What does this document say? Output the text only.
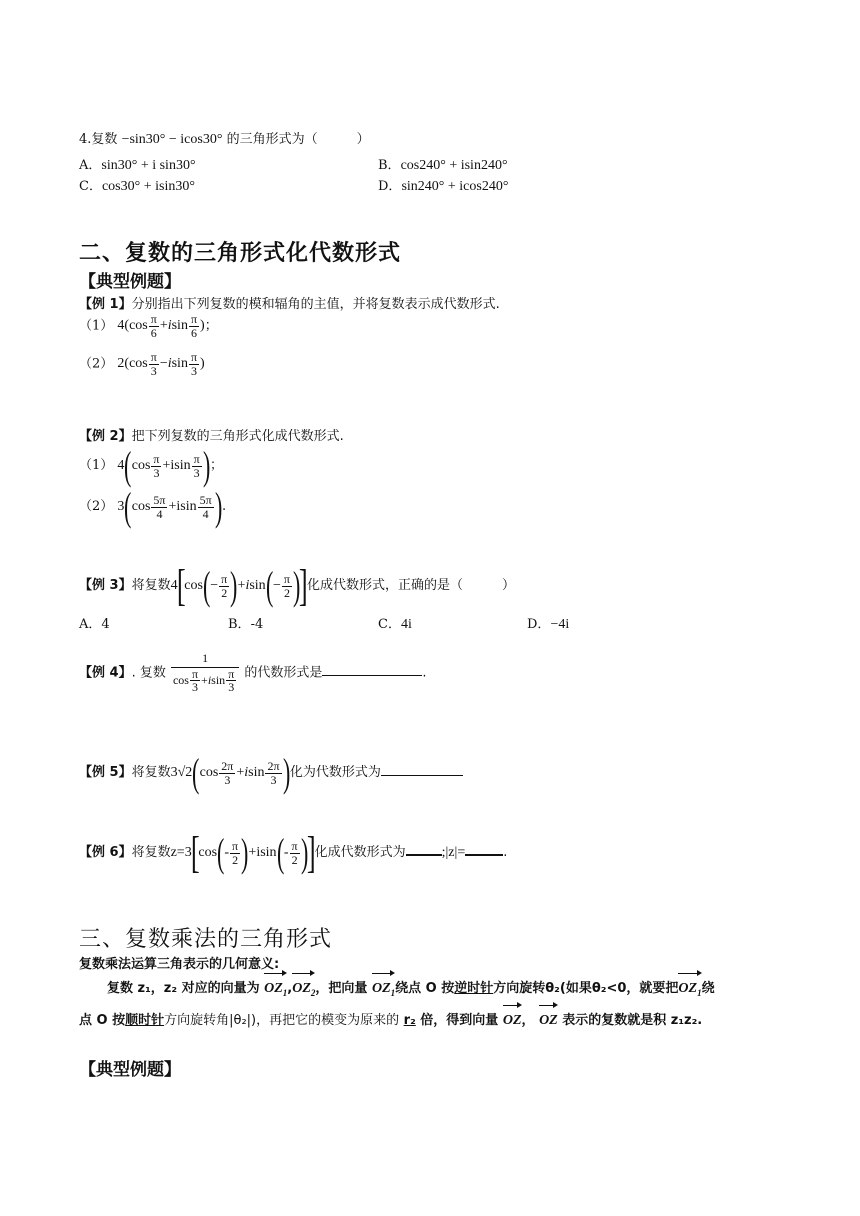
4.复数 −sin30° − icos30° 的三角形式为（　　　）
A．sin30° + i sin30°	B．cos240° + isin240°
C．cos30° + isin30°	D．sin240° + icos240°
二、复数的三角形式化代数形式
【典型例题】
【例 1】分别指出下列复数的模和辐角的主值，并将复数表示成代数形式.
（1） $4(\cos \frac{\pi}{6} +isin \frac{\pi}{6}$ )；
（2） $2(\cos \frac{\pi}{3} -isin \frac{\pi}{3}$ )
【例 2】把下列复数的三角形式化成代数形式.
（1） $4(\cos \frac{\pi}{3} +isin \frac{\pi}{3}$ )；
（2） $3(\cos \frac{5\pi}{4} +isin \frac{5\pi}{4}$ ).
【例 3】将复数$4[\cos(- \frac{\pi}{2} )+isin(- \frac{\pi}{2}$ )]化成代数形式，正确的是（　　　）
A．4	B．-4	C．4i	D．−4i
【例 4】. 复数 $\frac{1}{\cos \frac{\pi}{3} +isin \frac{\pi}{3}}$ 的代数形式是	.
【例 5】将复数$3√2(\cos \frac{2\pi}{3} +isin \frac{2\pi}{3}$ )化为代数形式为
【例 6】将复数$z=3[\cos(- \frac{\pi}{2} )+isin(- \frac{\pi}{2}$ )]化成代数形式为	;|z|=	.
三、复数乘法的三角形式
复数乘法运算三角表示的几何意义:
复数 z₁，z₂ 对应的向量为 $OZ_1,OZ_2$，把向量 $OZ_1$绕点 O 按逆时针方向旋转θ₂(如果θ₂<0，就要把$OZ_1$绕
点 O 按顺时针方向旋转角|θ₂|)，再把它的模变为原来的 r₂ 倍，得到向量 OZ， OZ 表示的复数就是积 z₁z₂.
【典型例题】
